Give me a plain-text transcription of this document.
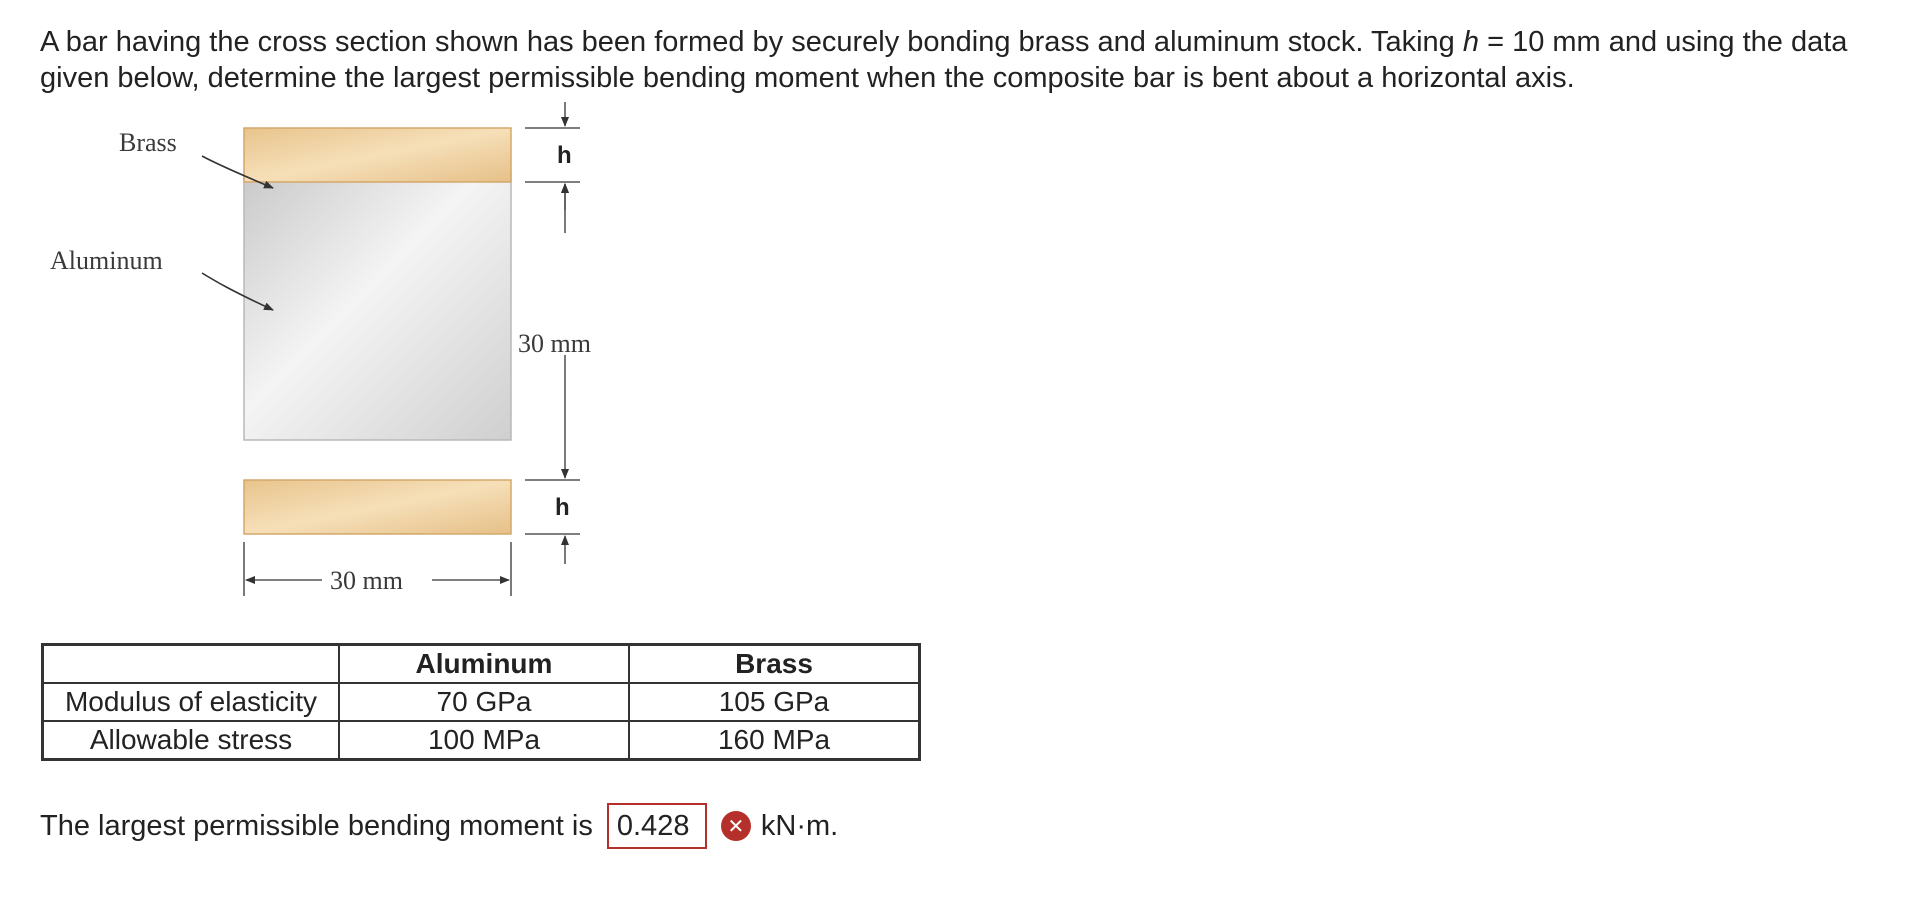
A bar having the cross section shown has been formed by securely bonding brass and aluminum stock. Taking h = 10 mm and using the data given below, determine the largest permissible bending moment when the composite bar is bent about a horizontal axis.

Brass
Aluminum
h
30 mm
h
30 mm
	Aluminum	Brass
Modulus of elasticity	70 GPa	105 GPa
Allowable stress	100 MPa	160 MPa
The largest permissible bending moment is 0.428	✕ kN·m.
